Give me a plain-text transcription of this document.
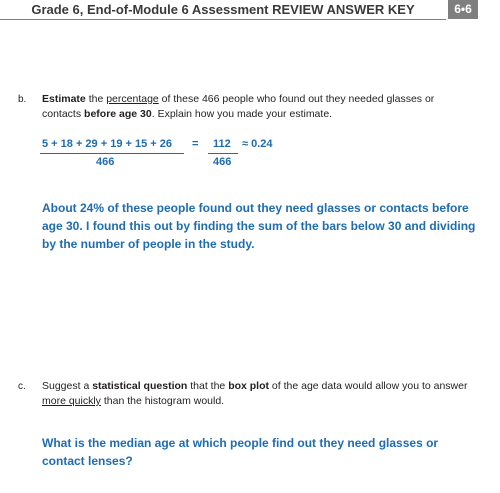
Grade 6, End-of-Module 6 Assessment REVIEW ANSWER KEY	6•6
b. Estimate the percentage of these 466 people who found out they needed glasses or
contacts before age 30. Explain how you made your estimate.
5 + 18 + 29 + 19 + 15 + 26
466
= 112
466
≈ 0.24
About 24% of these people found out they need glasses or contacts before
age 30. I found this out by finding the sum of the bars below 30 and dividing
by the number of people in the study.
c. Suggest a statistical question that the box plot of the age data would allow you to answer
more quickly than the histogram would.
What is the median age at which people find out they need glasses or
contact lenses?
